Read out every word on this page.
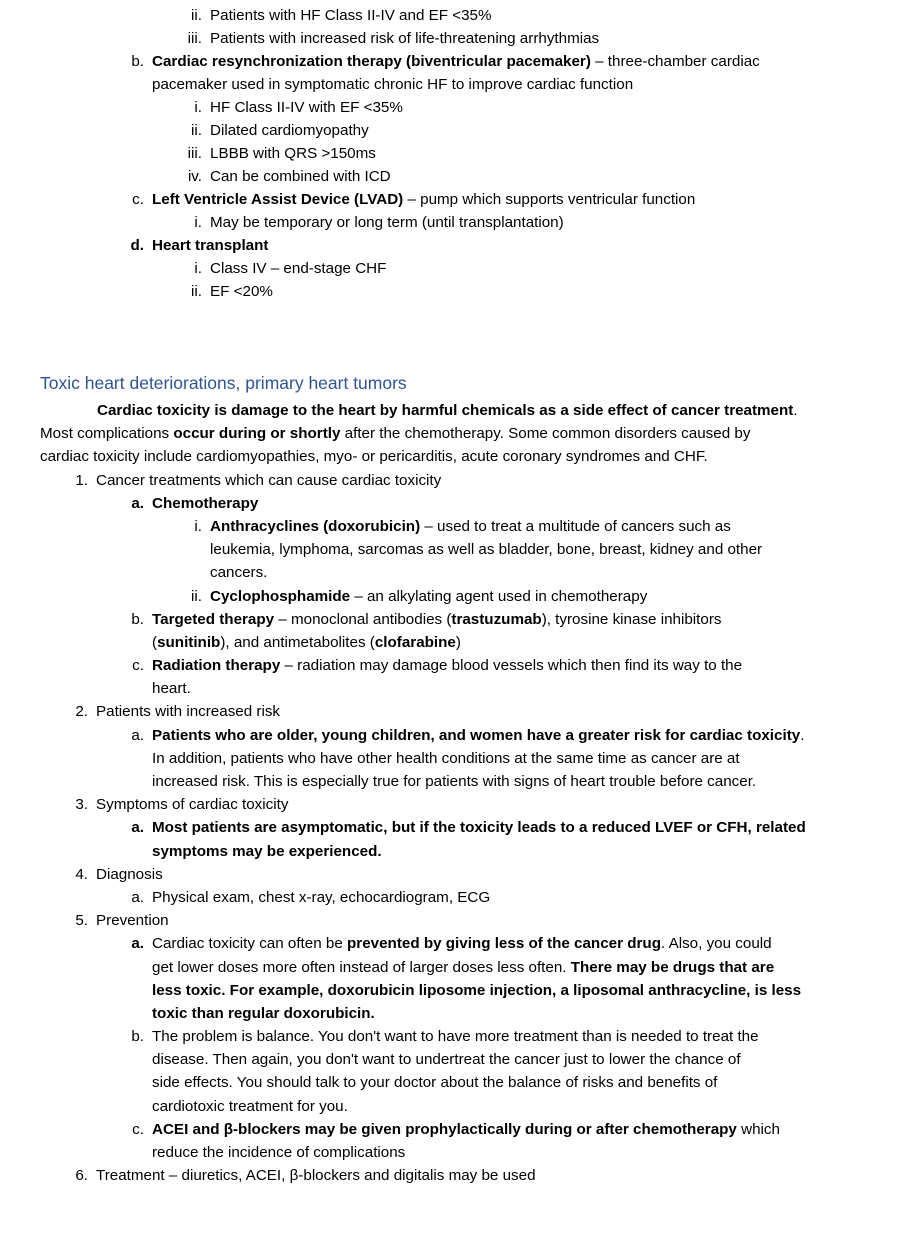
ii. Patients with HF Class II-IV and EF <35%
iii. Patients with increased risk of life-threatening arrhythmias
b. Cardiac resynchronization therapy (biventricular pacemaker) – three-chamber cardiac
pacemaker used in symptomatic chronic HF to improve cardiac function
i. HF Class II-IV with EF <35%
ii. Dilated cardiomyopathy
iii. LBBB with QRS >150ms
iv. Can be combined with ICD
c. Left Ventricle Assist Device (LVAD) – pump which supports ventricular function
i. May be temporary or long term (until transplantation)
d. Heart transplant
i. Class IV – end-stage CHF
ii. EF <20%
Toxic heart deteriorations, primary heart tumors
Cardiac toxicity is damage to the heart by harmful chemicals as a side effect of cancer treatment.
Most complications occur during or shortly after the chemotherapy. Some common disorders caused by
cardiac toxicity include cardiomyopathies, myo- or pericarditis, acute coronary syndromes and CHF.
1. Cancer treatments which can cause cardiac toxicity
a. Chemotherapy
i. Anthracyclines (doxorubicin) – used to treat a multitude of cancers such as
leukemia, lymphoma, sarcomas as well as bladder, bone, breast, kidney and other
cancers.
ii. Cyclophosphamide – an alkylating agent used in chemotherapy
b. Targeted therapy – monoclonal antibodies (trastuzumab), tyrosine kinase inhibitors
(sunitinib), and antimetabolites (clofarabine)
c. Radiation therapy – radiation may damage blood vessels which then find its way to the
heart.
2. Patients with increased risk
a. Patients who are older, young children, and women have a greater risk for cardiac toxicity.
In addition, patients who have other health conditions at the same time as cancer are at
increased risk. This is especially true for patients with signs of heart trouble before cancer.
3. Symptoms of cardiac toxicity
a. Most patients are asymptomatic, but if the toxicity leads to a reduced LVEF or CFH, related
symptoms may be experienced.
4. Diagnosis
a. Physical exam, chest x-ray, echocardiogram, ECG
5. Prevention
a. Cardiac toxicity can often be prevented by giving less of the cancer drug. Also, you could
get lower doses more often instead of larger doses less often. There may be drugs that are
less toxic. For example, doxorubicin liposome injection, a liposomal anthracycline, is less
toxic than regular doxorubicin.
b. The problem is balance. You don't want to have more treatment than is needed to treat the
disease. Then again, you don't want to undertreat the cancer just to lower the chance of
side effects. You should talk to your doctor about the balance of risks and benefits of
cardiotoxic treatment for you.
c. ACEI and β-blockers may be given prophylactically during or after chemotherapy which
reduce the incidence of complications
6. Treatment – diuretics, ACEI, β-blockers and digitalis may be used
